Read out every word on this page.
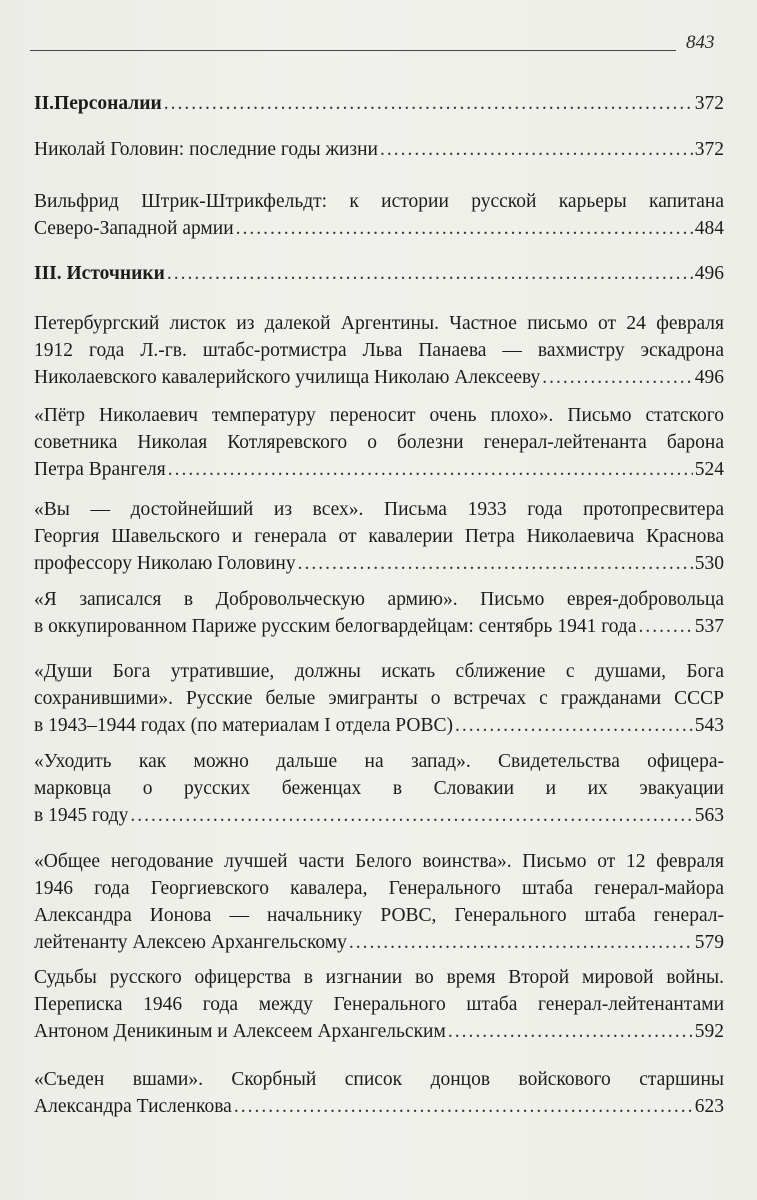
843
II.Персоналии .....	372
Николай Головин: последние годы жизни .....	372
Вильфрид Штрик-Штрикфельдт: к истории русской карьеры капитана
Северо-Западной армии .....	484
III. Источники .....	496
Петербургский листок из далекой Аргентины. Частное письмо от 24 февраля
1912 года Л.-гв. штабс-ротмистра Льва Панаева — вахмистру эскадрона
Николаевского кавалерийского училища Николаю Алексееву .....	496
«Пётр Николаевич температуру переносит очень плохо». Письмо статского
советника Николая Котляревского о болезни генерал-лейтенанта барона
Петра Врангеля .....	524
«Вы — достойнейший из всех». Письма 1933 года протопресвитера
Георгия Шавельского и генерала от кавалерии Петра Николаевича Краснова
профессору Николаю Головину .....	530
«Я записался в Добровольческую армию». Письмо еврея-добровольца
в оккупированном Париже русским белогвардейцам: сентябрь 1941 года .....	537
«Души Бога утратившие, должны искать сближение с душами, Бога
сохранившими». Русские белые эмигранты о встречах с гражданами СССР
в 1943–1944 годах (по материалам I отдела РОВС) .....	543
«Уходить как можно дальше на запад». Свидетельства офицера-
марковца о русских беженцах в Словакии и их эвакуации
в 1945 году .....	563
«Общее негодование лучшей части Белого воинства». Письмо от 12 февраля
1946 года Георгиевского кавалера, Генерального штаба генерал-майора
Александра Ионова — начальнику РОВС, Генерального штаба генерал-
лейтенанту Алексею Архангельскому .....	579
Судьбы русского офицерства в изгнании во время Второй мировой войны.
Переписка 1946 года между Генерального штаба генерал-лейтенантами
Антоном Деникиным и Алексеем Архангельским .....	592
«Съеден вшами». Скорбный список донцов войскового старшины
Александра Тисленкова .....	623
